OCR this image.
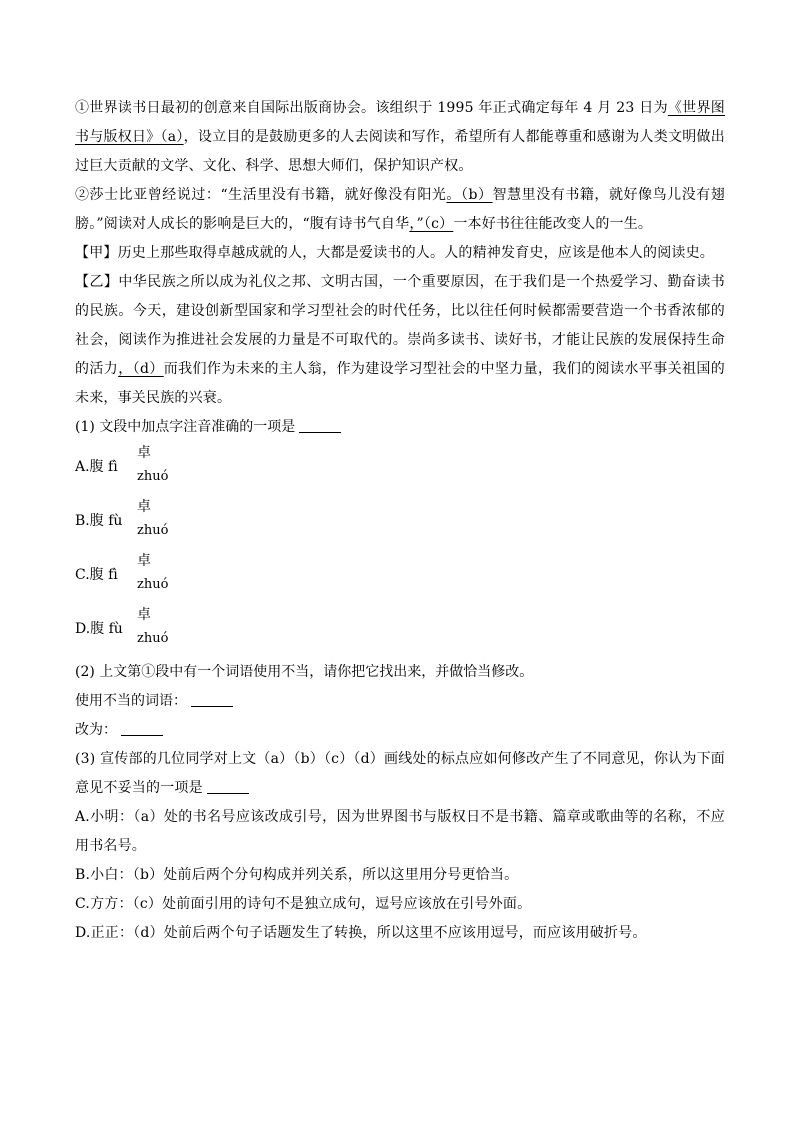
①世界读书日最初的创意来自国际出版商协会。该组织于 1995 年正式确定每年 4 月 23 日为《世界图书与版权日》（a），设立目的是鼓励更多的人去阅读和写作，希望所有人都能尊重和感谢为人类文明做出过巨大贡献的文学、文化、科学、思想大师们，保护知识产权。
②莎士比亚曾经说过：“生活里没有书籍，就好像没有阳光。（b）智慧里没有书籍，就好像鸟儿没有翅膀。”阅读对人成长的影响是巨大的，“腹有诗书气自华，”（c）一本好书往往能改变人的一生。
【甲】历史上那些取得卓越成就的人，大都是爱读书的人。人的精神发育史，应该是他本人的阅读史。
【乙】中华民族之所以成为礼仪之邦、文明古国，一个重要原因，在于我们是一个热爱学习、勤奋读书的民族。今天，建设创新型国家和学习型社会的时代任务，比以往任何时候都需要营造一个书香浓郁的社会，阅读作为推进社会发展的力量是不可取代的。崇尚多读书、读好书，才能让民族的发展保持生命的活力，（d）而我们作为未来的主人翁，作为建设学习型社会的中坚力量，我们的阅读水平事关祖国的未来，事关民族的兴衰。
(1) 文段中加点字注音准确的一项是
A.腹 fì
卓
zhuó
B.腹 fù
卓
zhuó
C.腹 fì
卓
zhuó
D.腹 fù
卓
zhuó
(2) 上文第①段中有一个词语使用不当，请你把它找出来，并做恰当修改。
使用不当的词语：
改为：
(3) 宣传部的几位同学对上文（a）（b）（c）（d）画线处的标点应如何修改产生了不同意见，你认为下面意见不妥当的一项是
A.小明：（a）处的书名号应该改成引号，因为世界图书与版权日不是书籍、篇章或歌曲等的名称，不应用书名号。
B.小白：（b）处前后两个分句构成并列关系，所以这里用分号更恰当。
C.方方：（c）处前面引用的诗句不是独立成句，逗号应该放在引号外面。
D.正正：（d）处前后两个句子话题发生了转换，所以这里不应该用逗号，而应该用破折号。
